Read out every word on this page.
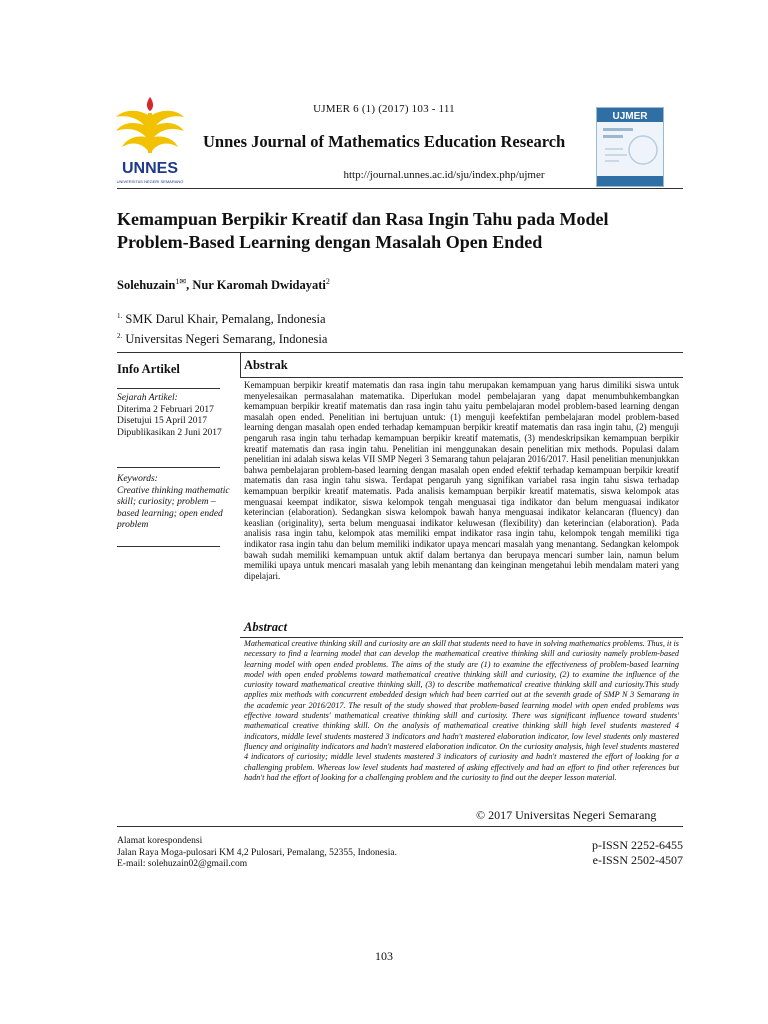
UJMER 6 (1) (2017) 103 - 111
UNNES
UNIVERSITAS NEGERI SEMARANG
Unnes Journal of Mathematics Education Research
http://journal.unnes.ac.id/sju/index.php/ujmer
UJMER
Kemampuan Berpikir Kreatif dan Rasa Ingin Tahu pada Model Problem-Based Learning dengan Masalah Open Ended
Solehuzain$^{1✉}$, Nur Karomah Dwidayati$^2$
$^{1.}$ SMK Darul Khair, Pemalang, Indonesia
$^{2.}$ Universitas Negeri Semarang, Indonesia
Info Artikel	Abstrak
Sejarah Artikel:
Diterima 2 Februari 2017
Disetujui 15 April 2017
Dipublikasikan 2 Juni 2017
Keywords:
Creative thinking mathematic skill; curiosity; problem –based learning; open ended problem
Kemampuan berpikir kreatif matematis dan rasa ingin tahu merupakan kemampuan yang harus dimiliki siswa untuk menyelesaikan permasalahan matematika. Diperlukan model pembelajaran yang dapat menumbuhkembangkan kemampuan berpikir kreatif matematis dan rasa ingin tahu yaitu pembelajaran model problem-based learning dengan masalah open ended. Penelitian ini bertujuan untuk: (1) menguji keefektifan pembelajaran model problem-based learning dengan masalah open ended terhadap kemampuan berpikir kreatif matematis dan rasa ingin tahu, (2) menguji pengaruh rasa ingin tahu terhadap kemampuan berpikir kreatif matematis, (3) mendeskripsikan kemampuan berpikir kreatif matematis dan rasa ingin tahu. Penelitian ini menggunakan desain penelitian mix methods. Populasi dalam penelitian ini adalah siswa kelas VII SMP Negeri 3 Semarang tahun pelajaran 2016/2017. Hasil penelitian menunjukkan bahwa pembelajaran problem-based learning dengan masalah open ended efektif terhadap kemampuan berpikir kreatif matematis dan rasa ingin tahu siswa. Terdapat pengaruh yang signifikan variabel rasa ingin tahu siswa terhadap kemampuan berpikir kreatif matematis. Pada analisis kemampuan berpikir kreatif matematis, siswa kelompok atas menguasai keempat indikator, siswa kelompok tengah menguasai tiga indikator dan belum menguasai indikator keterincian (elaboration). Sedangkan siswa kelompok bawah hanya menguasai indikator kelancaran (fluency) dan keaslian (originality), serta belum menguasai indikator keluwesan (flexibility) dan keterincian (elaboration). Pada analisis rasa ingin tahu, kelompok atas memiliki empat indikator rasa ingin tahu, kelompok tengah memiliki tiga indikator rasa ingin tahu dan belum memiliki indikator upaya mencari masalah yang menantang. Sedangkan kelompok bawah sudah memiliki kemampuan untuk aktif dalam bertanya dan berupaya mencari sumber lain, namun belum memiliki upaya untuk mencari masalah yang lebih menantang dan keinginan mengetahui lebih mendalam materi yang dipelajari.
Abstract
Mathematical creative thinking skill and curiosity are an skill that students need to have in solving mathematics problems. Thus, it is necessary to find a learning model that can develop the mathematical creative thinking skill and curiosity namely problem-based learning model with open ended problems. The aims of the study are (1) to examine the effectiveness of problem-based learning model with open ended problems toward mathematical creative thinking skill and curiosity, (2) to examine the influence of the curiosity toward mathematical creative thinking skill, (3) to describe mathematical creative thinking skill and curiosity.This study applies mix methods with concurrent embedded design which had been carried out at the seventh grade of SMP N 3 Semarang in the academic year 2016/2017. The result of the study showed that problem-based learning model with open ended problems was effective toward students' mathematical creative thinking skill and curiosity. There was significant influence toward students' mathematical creative thinking skill. On the analysis of mathematical creative thinking skill high level students mastered 4 indicators, middle level students mastered 3 indicators and hadn't mastered elaboration indicator, low level students only mastered fluency and originality indicators and hadn't mastered elaboration indicator. On the curiosity analysis, high level students mastered 4 indicators of curiosity; middle level students mastered 3 indicators of curiosity and hadn't mastered the effort of looking for a challenging problem. Whereas low level students had mastered of asking effectively and had an effort to find other references but hadn't had the effort of looking for a challenging problem and the curiosity to find out the deeper lesson material.
© 2017 Universitas Negeri Semarang
Alamat korespondensi
Jalan Raya Moga-pulosari KM 4,2 Pulosari, Pemalang, 52355, Indonesia.
E-mail: solehuzain02@gmail.com
p-ISSN 2252-6455
e-ISSN 2502-4507
103
